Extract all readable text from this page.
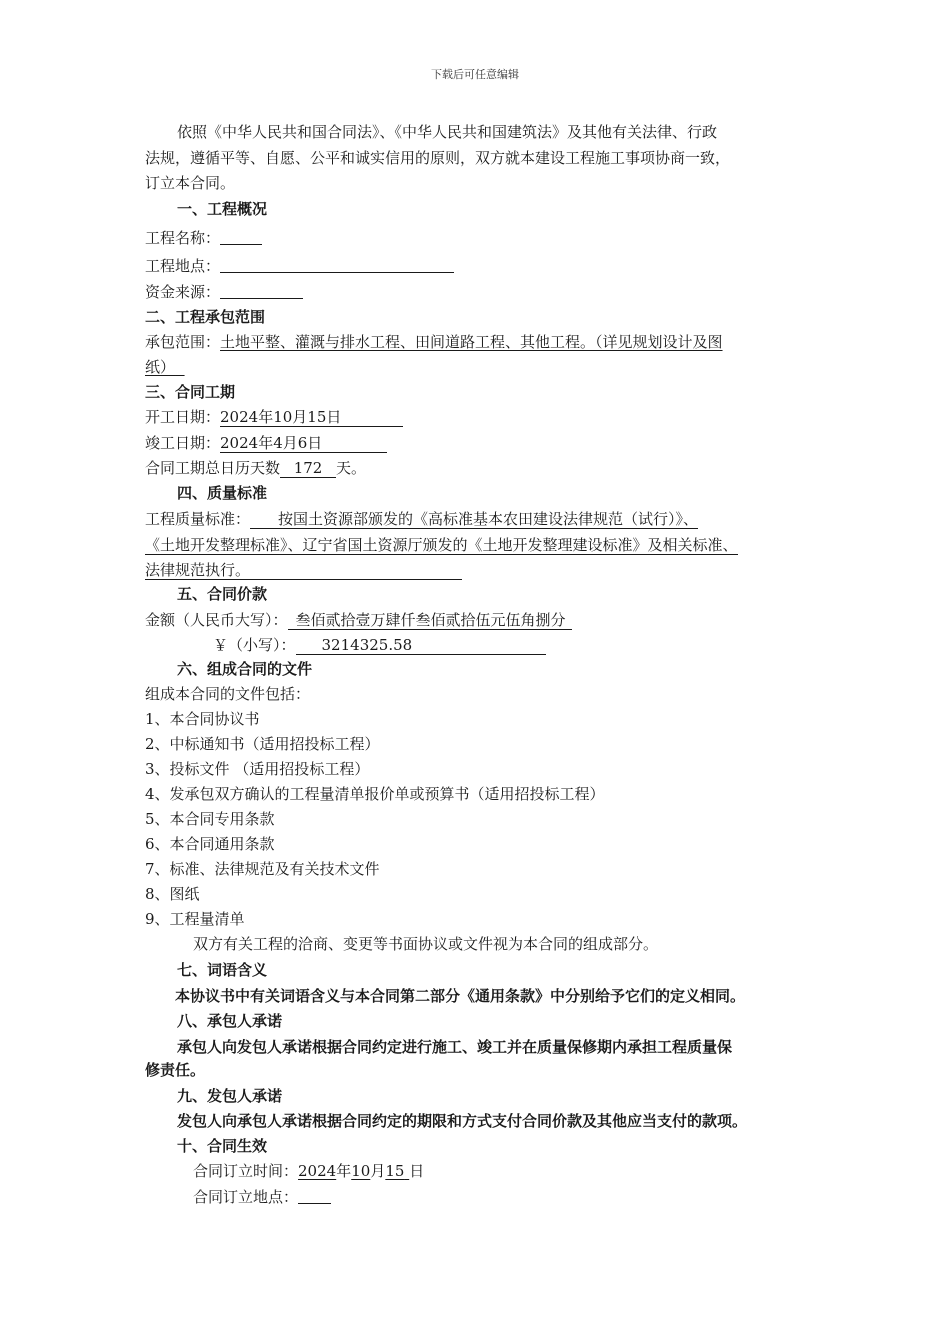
下载后可任意编辑
依照《中华人民共和国合同法》、《中华人民共和国建筑法》及其他有关法律、行政
法规，遵循平等、自愿、公平和诚实信用的原则，双方就本建设工程施工事项协商一致，
订立本合同。
一、工程概况
工程名称：
工程地点：
资金来源：
二、工程承包范围
承包范围：土地平整、灌溉与排水工程、田间道路工程、其他工程。（详见规划设计及图
纸）
三、合同工期
开工日期：2024年10月15日
竣工日期：2024年4月6日
合同工期总日历天数 172 天。
四、质量标准
工程质量标准： 按国土资源部颁发的《高标准基本农田建设法律规范（试行）》、
《土地开发整理标准》、辽宁省国土资源厅颁发的《土地开发整理建设标准》及相关标准、
法律规范执行。
五、合同价款
金额（人民币大写）： 叁佰贰拾壹万肆仟叁佰贰拾伍元伍角捌分
￥（小写）： 3214325.58
六、组成合同的文件
组成本合同的文件包括：
1、本合同协议书
2、中标通知书（适用招投标工程）
3、投标文件 （适用招投标工程）
4、发承包双方确认的工程量清单报价单或预算书（适用招投标工程）
5、本合同专用条款
6、本合同通用条款
7、标准、法律规范及有关技术文件
8、图纸
9、工程量清单
双方有关工程的洽商、变更等书面协议或文件视为本合同的组成部分。
七、词语含义
本协议书中有关词语含义与本合同第二部分《通用条款》中分别给予它们的定义相同。
八、承包人承诺
承包人向发包人承诺根据合同约定进行施工、竣工并在质量保修期内承担工程质量保
修责任。
九、发包人承诺
发包人向承包人承诺根据合同约定的期限和方式支付合同价款及其他应当支付的款项。
十、合同生效
合同订立时间：2024年10月15 日
合同订立地点：
